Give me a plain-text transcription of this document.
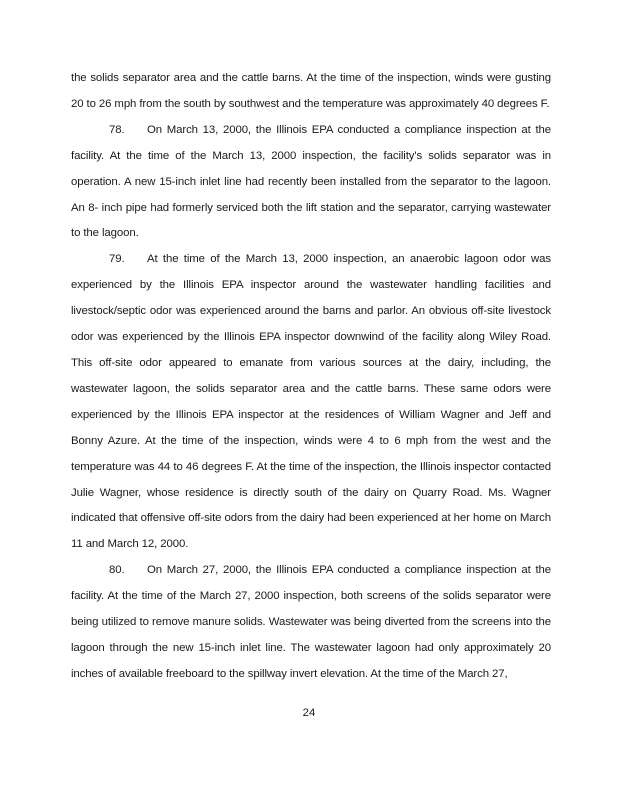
the solids separator area and the cattle barns. At the time of the inspection, winds were gusting 20 to 26 mph from the south by southwest and the temperature was approximately 40 degrees F.

78. On March 13, 2000, the Illinois EPA conducted a compliance inspection at the facility. At the time of the March 13, 2000 inspection, the facility's solids separator was in operation. A new 15-inch inlet line had recently been installed from the separator to the lagoon. An 8- inch pipe had formerly serviced both the lift station and the separator, carrying wastewater to the lagoon.

79. At the time of the March 13, 2000 inspection, an anaerobic lagoon odor was experienced by the Illinois EPA inspector around the wastewater handling facilities and livestock/septic odor was experienced around the barns and parlor. An obvious off-site livestock odor was experienced by the Illinois EPA inspector downwind of the facility along Wiley Road. This off-site odor appeared to emanate from various sources at the dairy, including, the wastewater lagoon, the solids separator area and the cattle barns. These same odors were experienced by the Illinois EPA inspector at the residences of William Wagner and Jeff and Bonny Azure. At the time of the inspection, winds were 4 to 6 mph from the west and the temperature was 44 to 46 degrees F. At the time of the inspection, the Illinois inspector contacted Julie Wagner, whose residence is directly south of the dairy on Quarry Road. Ms. Wagner indicated that offensive off-site odors from the dairy had been experienced at her home on March 11 and March 12, 2000.

80. On March 27, 2000, the Illinois EPA conducted a compliance inspection at the facility. At the time of the March 27, 2000 inspection, both screens of the solids separator were being utilized to remove manure solids. Wastewater was being diverted from the screens into the lagoon through the new 15-inch inlet line. The wastewater lagoon had only approximately 20 inches of available freeboard to the spillway invert elevation. At the time of the March 27,

24
